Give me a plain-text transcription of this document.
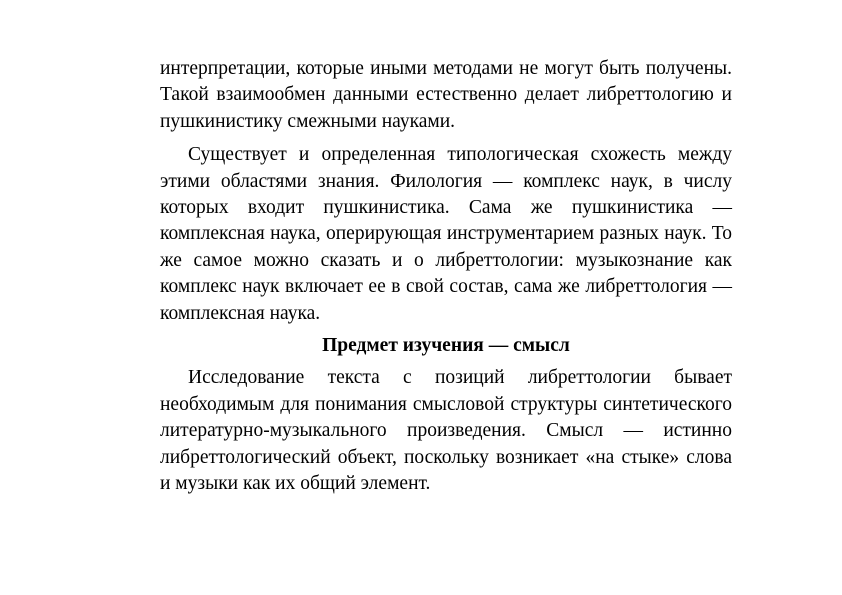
интерпретации, которые иными методами не могут быть получены. Такой взаимообмен данными естественно делает либреттологию и пушкинистику смежными науками.

Существует и определенная типологическая схожесть между этими областями знания. Филология — комплекс наук, в числу которых входит пушкинистика. Сама же пушкинистика — комплексная наука, оперирующая инструментарием разных наук. То же самое можно сказать и о либреттологии: музыкознание как комплекс наук включает ее в свой состав, сама же либреттология — комплексная наука.

Предмет изучения — смысл

Исследование текста с позиций либреттологии бывает необходимым для понимания смысловой структуры синтетического литературно-музыкального произведения. Смысл — истинно либреттологический объект, поскольку возникает «на стыке» слова и музыки как их общий элемент.
